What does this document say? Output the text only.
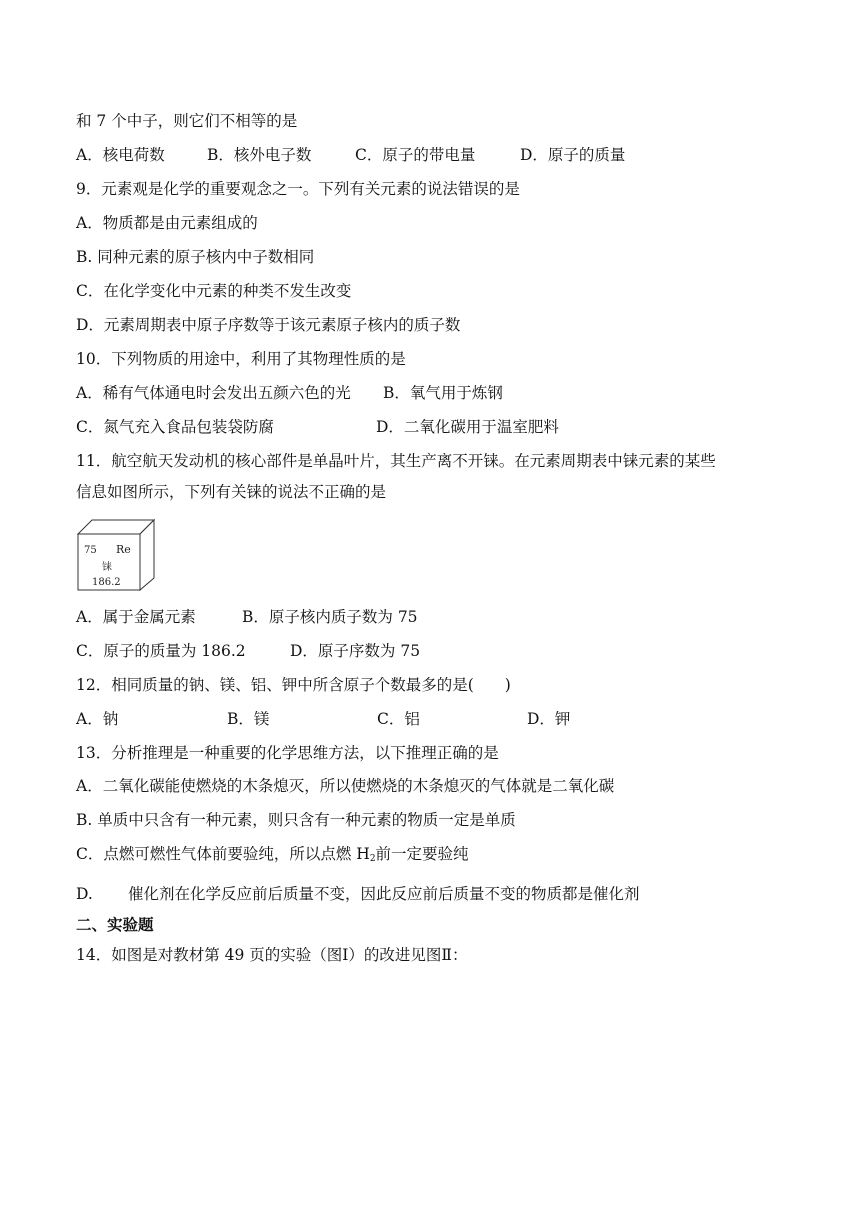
和 7 个中子，则它们不相等的是
A．核电荷数	B．核外电子数	C．原子的带电量	D．原子的质量
9．元素观是化学的重要观念之一。下列有关元素的说法错误的是
A．物质都是由元素组成的
B. 同种元素的原子核内中子数相同
C．在化学变化中元素的种类不发生改变
D．元素周期表中原子序数等于该元素原子核内的质子数
10．下列物质的用途中，利用了其物理性质的是
A．稀有气体通电时会发出五颜六色的光 B．氧气用于炼钢
C．氮气充入食品包装袋防腐	D．二氧化碳用于温室肥料
11．航空航天发动机的核心部件是单晶叶片，其生产离不开铼。在元素周期表中铼元素的某些
信息如图所示，下列有关铼的说法不正确的是
75 Re
铼
186.2
A．属于金属元素	B．原子核内质子数为 75
C．原子的质量为 186.2	D．原子序数为 75
12．相同质量的钠、镁、铝、钾中所含原子个数最多的是(　　)
A．钠	B．镁	C．铝	D．钾
13．分析推理是一种重要的化学思维方法，以下推理正确的是
A．二氧化碳能使燃烧的木条熄灭，所以使燃烧的木条熄灭的气体就是二氧化碳
B. 单质中只含有一种元素，则只含有一种元素的物质一定是单质
C．点燃可燃性气体前要验纯，所以点燃 $H_2$前一定要验纯
D. 催化剂在化学反应前后质量不变，因此反应前后质量不变的物质都是催化剂
二、实验题
14．如图是对教材第 49 页的实验（图Ⅰ）的改进见图Ⅱ：
